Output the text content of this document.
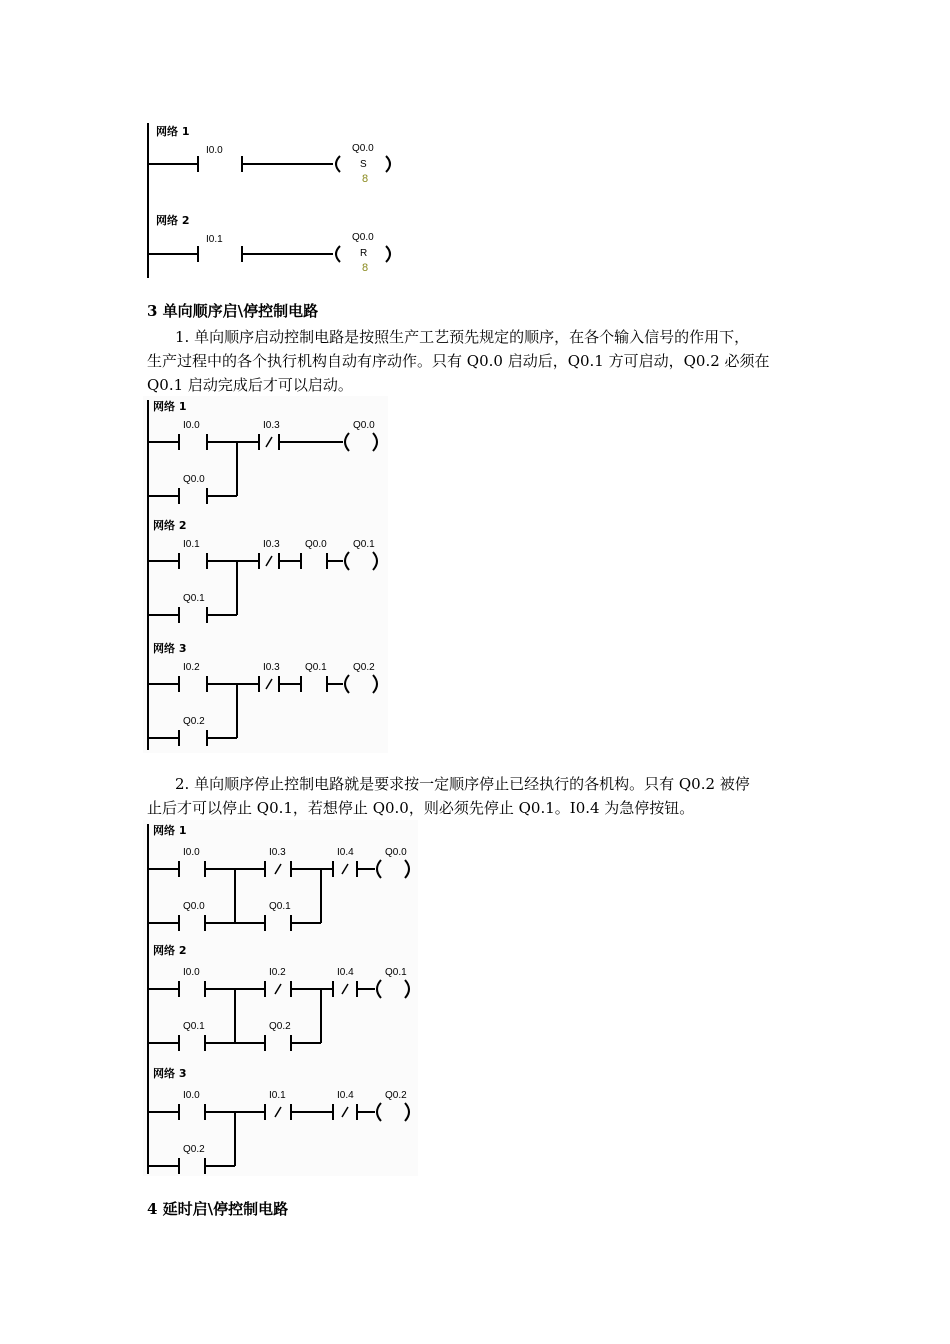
网络 1
I0.0	Q0.0
S
8
网络 2
I0.1	Q0.0
R
8

3 单向顺序启\停控制电路

1. 单向顺序启动控制电路是按照生产工艺预先规定的顺序，在各个输入信号的作用下，
生产过程中的各个执行机构自动有序动作。只有 Q0.0 启动后，Q0.1 方可启动，Q0.2 必须在
Q0.1 启动完成后才可以启动。

网络 1
I0.0	I0.3	Q0.0
Q0.0
网络 2
I0.1	I0.3	Q0.0	Q0.1
Q0.1
网络 3
I0.2	I0.3	Q0.1	Q0.2
Q0.2

2. 单向顺序停止控制电路就是要求按一定顺序停止已经执行的各机构。只有 Q0.2 被停
止后才可以停止 Q0.1，若想停止 Q0.0，则必须先停止 Q0.1。I0.4 为急停按钮。

网络 1
I0.0	I0.3	I0.4	Q0.0
Q0.0	Q0.1
网络 2
I0.0	I0.2	I0.4	Q0.1
Q0.1	Q0.2
网络 3
I0.0	I0.1	I0.4	Q0.2
Q0.2

4 延时启\停控制电路
